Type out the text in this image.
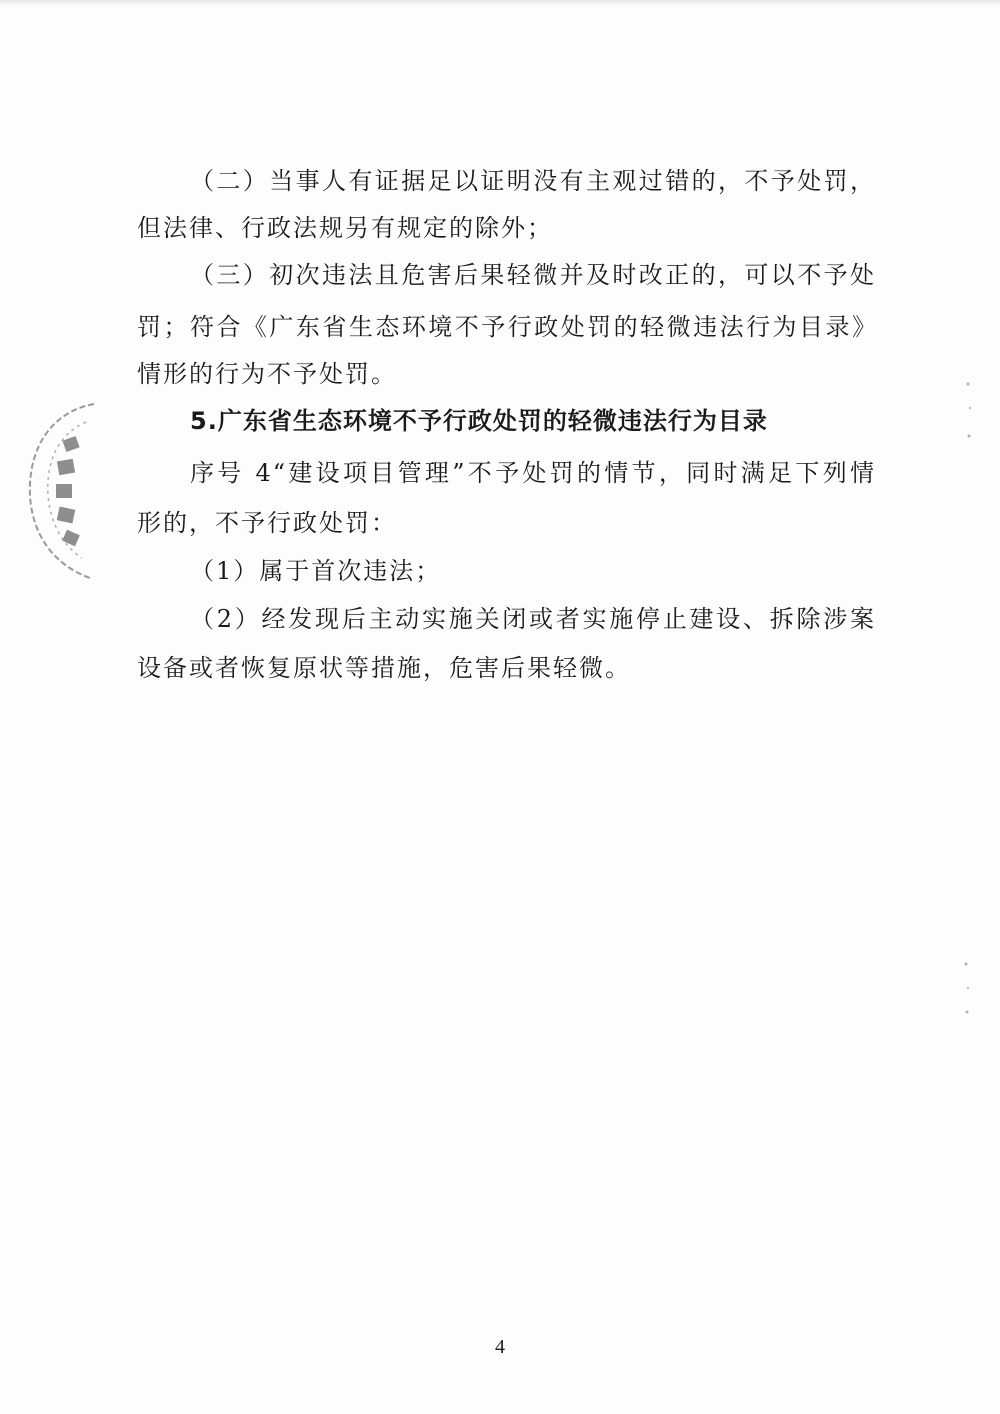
（二）当事人有证据足以证明没有主观过错的，不予处罚，
但法律、行政法规另有规定的除外；
（三）初次违法且危害后果轻微并及时改正的，可以不予处
罚；符合《广东省生态环境不予行政处罚的轻微违法行为目录》
情形的行为不予处罚。
5.广东省生态环境不予行政处罚的轻微违法行为目录
序号 4“建设项目管理”不予处罚的情节，同时满足下列情
形的，不予行政处罚：
（1）属于首次违法；
（2）经发现后主动实施关闭或者实施停止建设、拆除涉案
设备或者恢复原状等措施，危害后果轻微。
4
